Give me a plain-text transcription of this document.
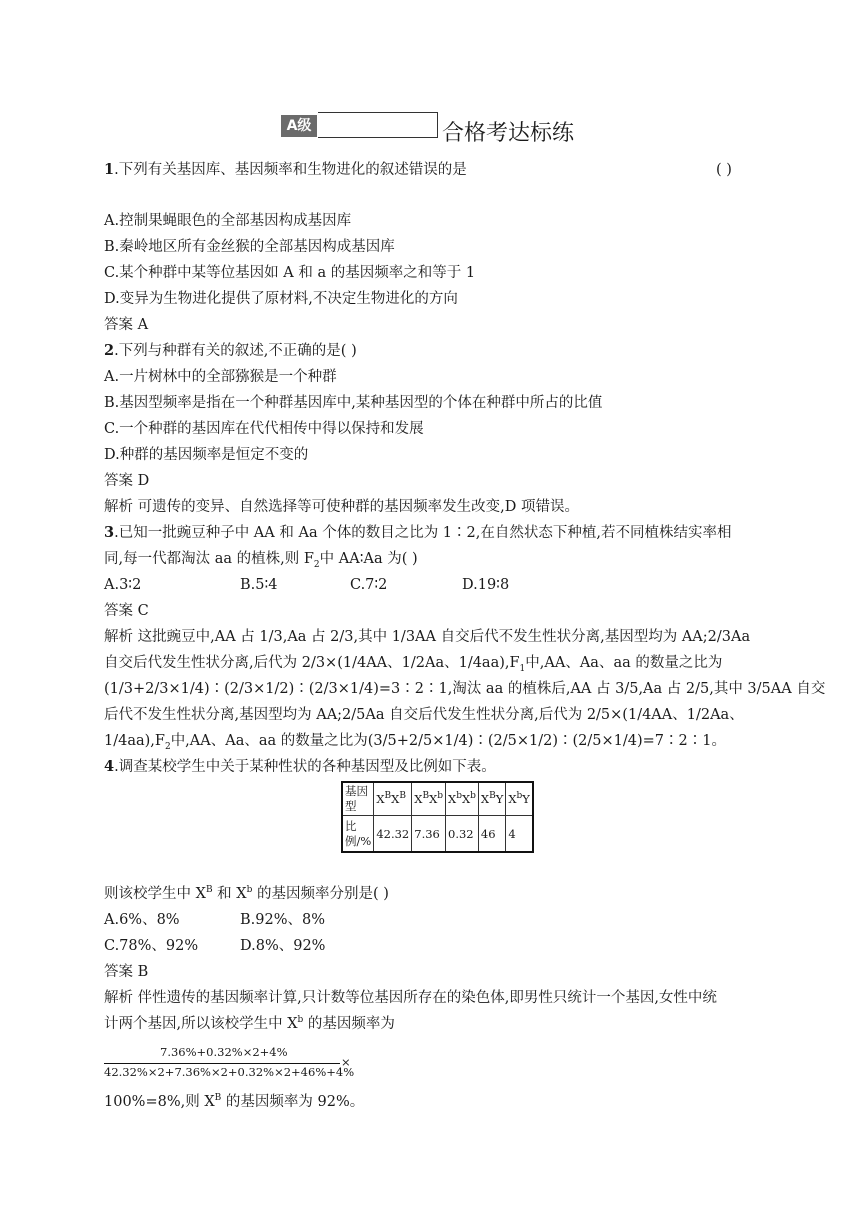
A级	合格考达标练
1.下列有关基因库、基因频率和生物进化的叙述错误的是	( )
A.控制果蝇眼色的全部基因构成基因库
B.秦岭地区所有金丝猴的全部基因构成基因库
C.某个种群中某等位基因如 A 和 a 的基因频率之和等于 1
D.变异为生物进化提供了原材料,不决定生物进化的方向
答案 A
2.下列与种群有关的叙述,不正确的是( )
A.一片树林中的全部猕猴是一个种群
B.基因型频率是指在一个种群基因库中,某种基因型的个体在种群中所占的比值
C.一个种群的基因库在代代相传中得以保持和发展
D.种群的基因频率是恒定不变的
答案 D
解析 可遗传的变异、自然选择等可使种群的基因频率发生改变,D 项错误。
3.已知一批豌豆种子中 AA 和 Aa 个体的数目之比为 1∶2,在自然状态下种植,若不同植株结实率相
同,每一代都淘汰 aa 的植株,则 $F_2$中 AA∶Aa 为( )
A.3∶2	B.5∶4	C.7∶2	D.19∶8
答案 C
解析 这批豌豆中,AA 占 1/3,Aa 占 2/3,其中 1/3AA 自交后代不发生性状分离,基因型均为 AA;2/3Aa
自交后代发生性状分离,后代为 2/3×(1/4AA、1/2Aa、$1/4aa),F_1$中,AA、Aa、aa 的数量之比为
(1/3+2/3×1/4)∶(2/3×1/2)∶(2/3×1/4)=3∶2∶1,淘汰 aa 的植株后,AA 占 3/5,Aa 占 2/5,其中 3/5AA 自交
后代不发生性状分离,基因型均为 AA;2/5Aa 自交后代发生性状分离,后代为 2/5×(1/4AA、1/2Aa、
$1/4aa),F_2$中,AA、Aa、aa 的数量之比为(3/5+2/5×1/4)∶(2/5×1/2)∶(2/5×1/4)=7∶2∶1。
4.调查某校学生中关于某种性状的各种基因型及比例如下表。
基因型	$X^BX^B$	$X^BX^b$	$X^bX^b$	$X^BY$	$X^bY$
比例/%	42.32	7.36	0.32	46	4
则该校学生中 $X^B$ 和 $X^b$ 的基因频率分别是( )
A.6%、8%	B.92%、8%
C.78%、92%	D.8%、92%
答案 B
解析 伴性遗传的基因频率计算,只计数等位基因所存在的染色体,即男性只统计一个基因,女性中统
计两个基因,所以该校学生中 $X^b$ 的基因频率为
7.36%+0.32%×2+4%
42.32%×2+7.36%×2+0.32%×2+46%+4%
×
100%=8%,则 $X^B$ 的基因频率为 92%。
